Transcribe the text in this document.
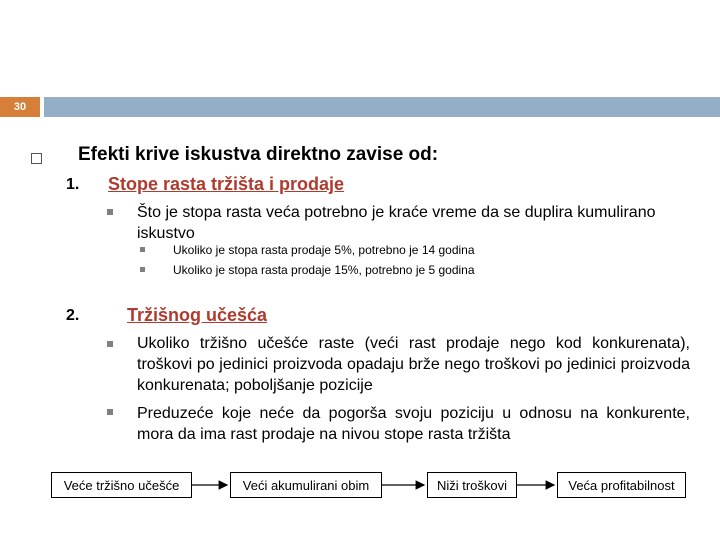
30
Efekti krive iskustva direktno zavise od:
1. Stope rasta tržišta i prodaje
Što je stopa rasta veća potrebno je kraće vreme da se duplira kumulirano iskustvo
Ukoliko je stopa rasta prodaje 5%, potrebno je 14 godina
Ukoliko je stopa rasta prodaje 15%, potrebno je 5 godina
2.	Tržišnog učešća
Ukoliko tržišno učešće raste (veći rast prodaje nego kod konkurenata), troškovi po jedinici proizvoda opadaju brže nego troškovi po jedinici proizvoda konkurenata; poboljšanje pozicije
Preduzeće koje neće da pogorša svoju poziciju u odnosu na konkurente, mora da ima rast prodaje na nivou stope rasta tržišta
Veće tržišno učešće	Veći akumulirani obim	Niži troškovi	Veća profitabilnost
